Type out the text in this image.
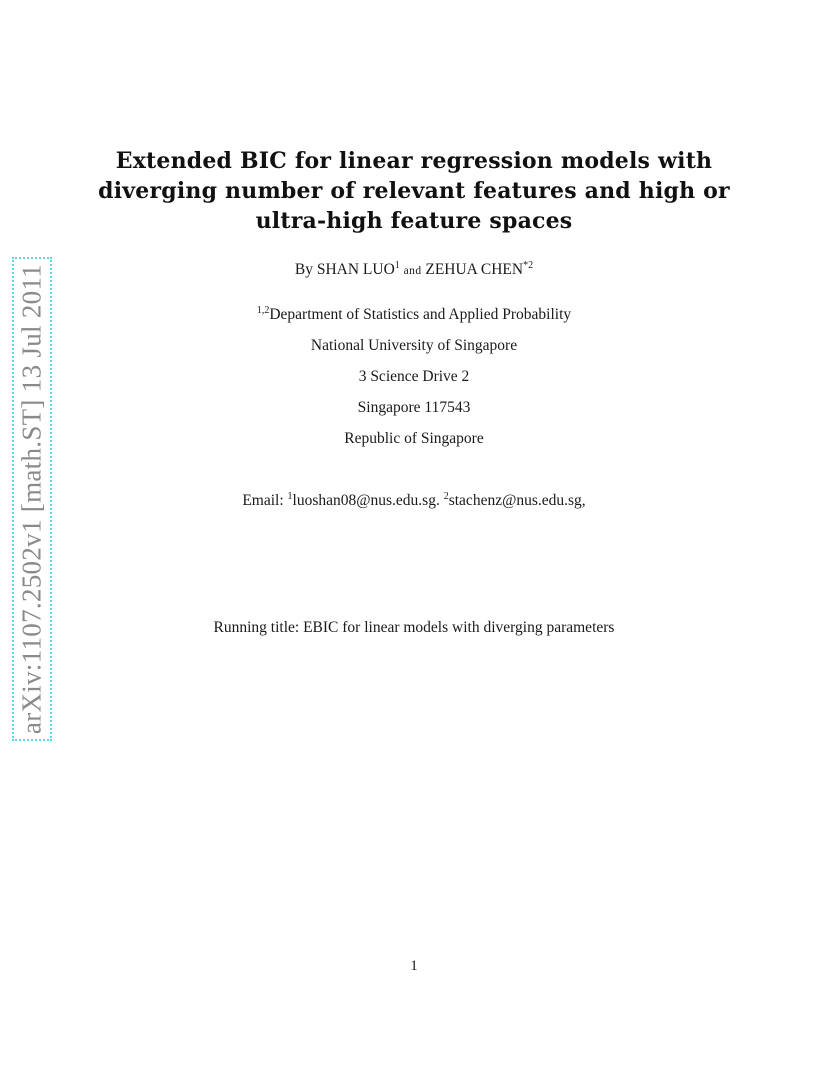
arXiv:1107.2502v1 [math.ST] 13 Jul 2011
Extended BIC for linear regression models with
diverging number of relevant features and high or
ultra-high feature spaces
By SHAN LUO$^1$ and ZEHUA CHEN$^{*2}$
$^{1,2}$Department of Statistics and Applied Probability
National University of Singapore
3 Science Drive 2
Singapore 117543
Republic of Singapore
Email: $^1$luoshan08@nus.edu.sg. $^2$stachenz@nus.edu.sg,
Running title: EBIC for linear models with diverging parameters
1
